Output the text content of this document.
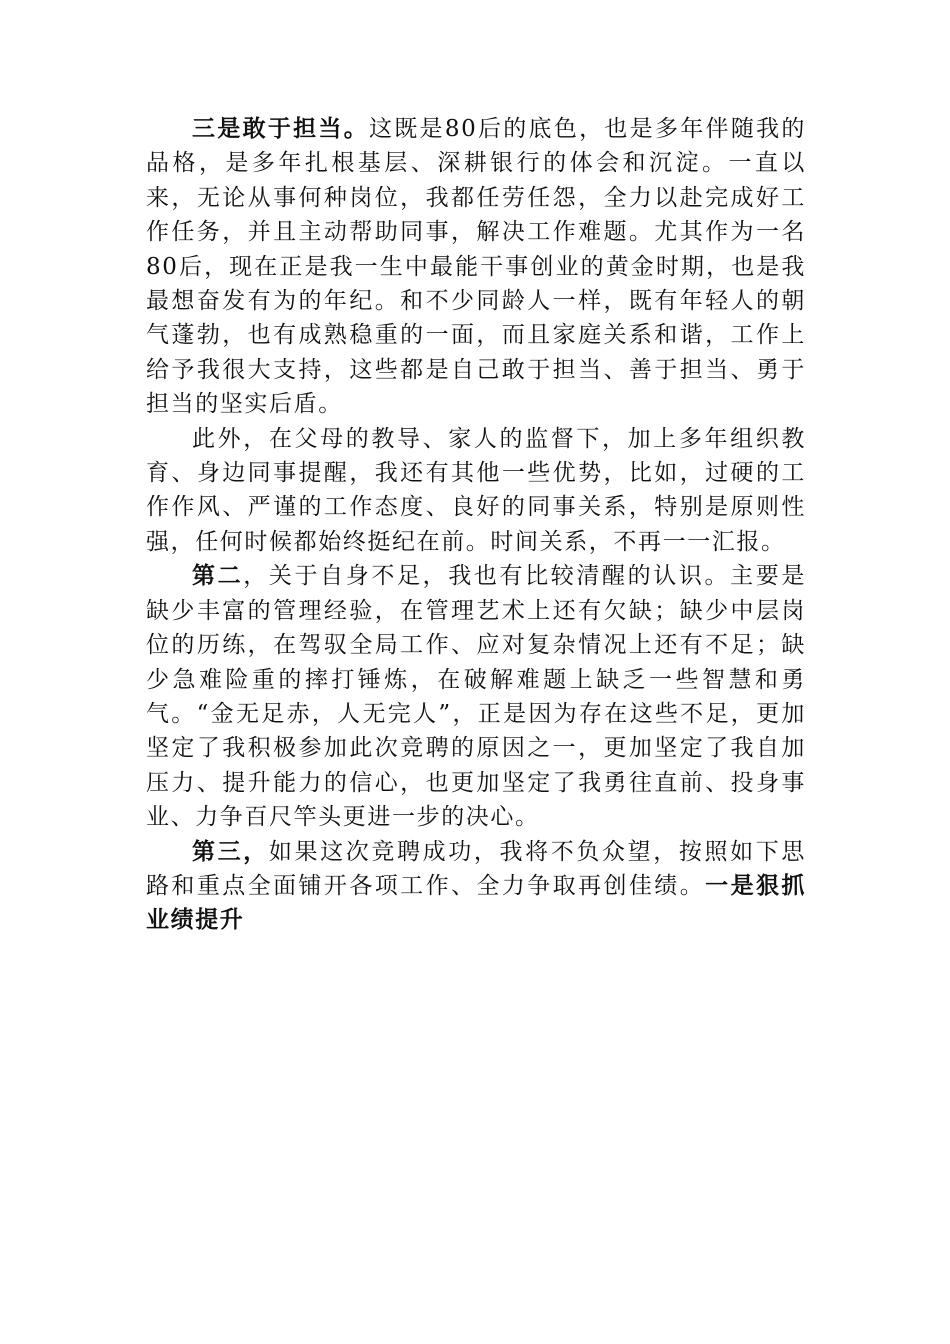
三是敢于担当。这既是80后的底色，也是多年伴随我的品格，是多年扎根基层、深耕银行的体会和沉淀。一直以来，无论从事何种岗位，我都任劳任怨，全力以赴完成好工作任务，并且主动帮助同事，解决工作难题。尤其作为一名80后，现在正是我一生中最能干事创业的黄金时期，也是我最想奋发有为的年纪。和不少同龄人一样，既有年轻人的朝气蓬勃，也有成熟稳重的一面，而且家庭关系和谐，工作上给予我很大支持，这些都是自己敢于担当、善于担当、勇于担当的坚实后盾。

此外，在父母的教导、家人的监督下，加上多年组织教育、身边同事提醒，我还有其他一些优势，比如，过硬的工作作风、严谨的工作态度、良好的同事关系，特别是原则性强，任何时候都始终挺纪在前。时间关系，不再一一汇报。

第二，关于自身不足，我也有比较清醒的认识。主要是缺少丰富的管理经验，在管理艺术上还有欠缺；缺少中层岗位的历练，在驾驭全局工作、应对复杂情况上还有不足；缺少急难险重的摔打锤炼，在破解难题上缺乏一些智慧和勇气。“金无足赤，人无完人”，正是因为存在这些不足，更加坚定了我积极参加此次竞聘的原因之一，更加坚定了我自加压力、提升能力的信心，也更加坚定了我勇往直前、投身事业、力争百尺竿头更进一步的决心。

第三，如果这次竞聘成功，我将不负众望，按照如下思路和重点全面铺开各项工作、全力争取再创佳绩。一是狠抓业绩提升
